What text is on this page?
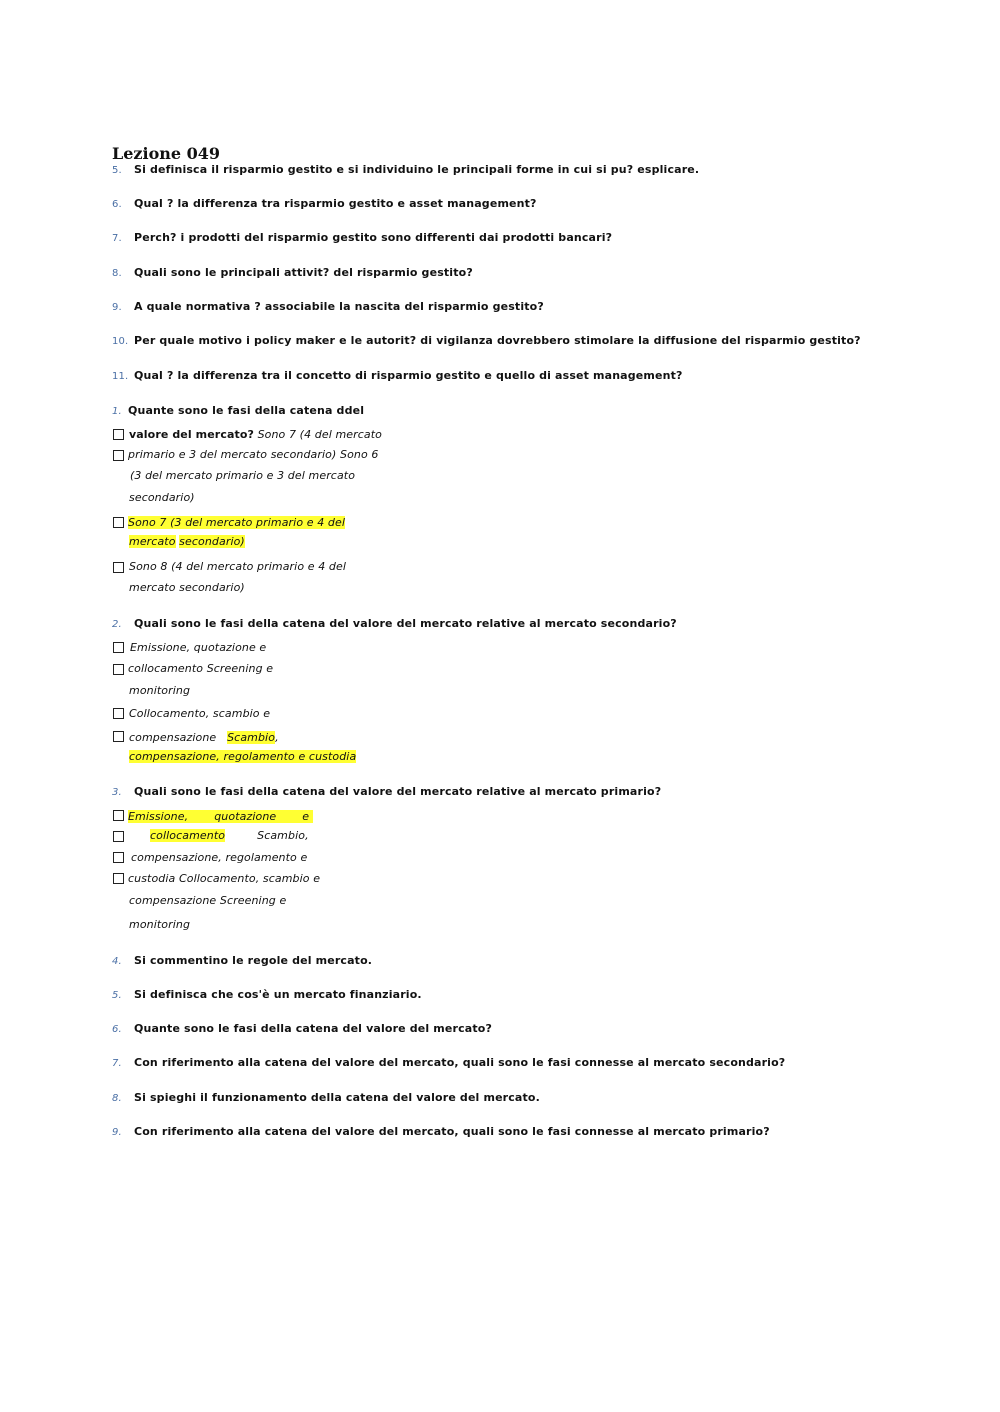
Lezione 049
5. Si definisca il risparmio gestito e si individuino le principali forme in cui si pu? esplicare.
6. Qual ? la differenza tra risparmio gestito e asset management?
7. Perch? i prodotti del risparmio gestito sono differenti dai prodotti bancari?
8. Quali sono le principali attivit? del risparmio gestito?
9. A quale normativa ? associabile la nascita del risparmio gestito?
10. Per quale motivo i policy maker e le autorit? di vigilanza dovrebbero stimolare la diffusione del risparmio gestito?
11. Qual ? la differenza tra il concetto di risparmio gestito e quello di asset management?
1. Quante sono le fasi della catena ddel
valore del mercato? Sono 7 (4 del mercato
primario e 3 del mercato secondario) Sono 6
(3 del mercato primario e 3 del mercato
secondario)
Sono 7 (3 del mercato primario e 4 del
mercato secondario)
Sono 8 (4 del mercato primario e 4 del
mercato secondario)
2. Quali sono le fasi della catena del valore del mercato relative al mercato secondario?
Emissione, quotazione e
collocamento Screening e
monitoring
Collocamento, scambio e
compensazione Scambio,
compensazione, regolamento e custodia
3. Quali sono le fasi della catena del valore del mercato relative al mercato primario?
Emissione, quotazione e
collocamento	Scambio,
compensazione, regolamento e
custodia Collocamento, scambio e
compensazione Screening e
monitoring
4. Si commentino le regole del mercato.
5. Si definisca che cos'è un mercato finanziario.
6. Quante sono le fasi della catena del valore del mercato?
7. Con riferimento alla catena del valore del mercato, quali sono le fasi connesse al mercato secondario?
8. Si spieghi il funzionamento della catena del valore del mercato.
9. Con riferimento alla catena del valore del mercato, quali sono le fasi connesse al mercato primario?
